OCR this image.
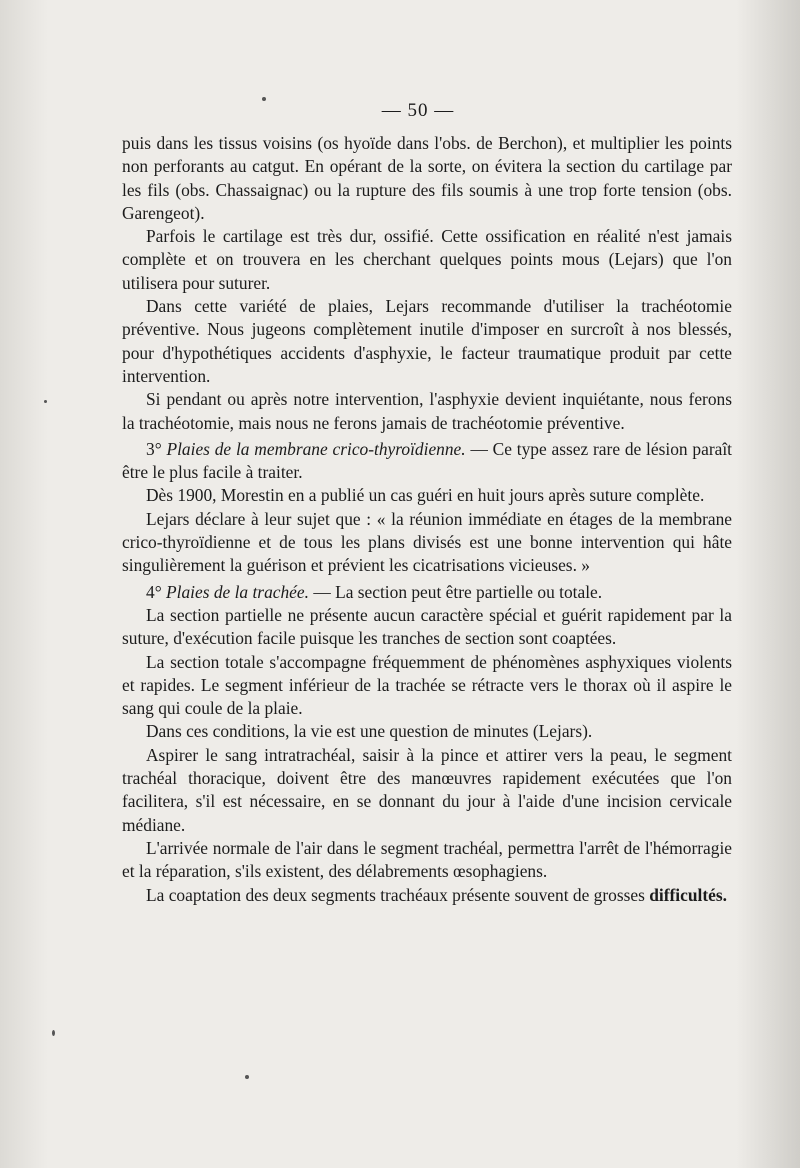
— 50 —

puis dans les tissus voisins (os hyoïde dans l'obs. de Berchon), et multiplier les points non perforants au catgut. En opérant de la sorte, on évitera la section du cartilage par les fils (obs. Chassaignac) ou la rupture des fils soumis à une trop forte tension (obs. Garengeot).

Parfois le cartilage est très dur, ossifié. Cette ossification en réalité n'est jamais complète et on trouvera en les cherchant quelques points mous (Lejars) que l'on utilisera pour suturer.

Dans cette variété de plaies, Lejars recommande d'utiliser la trachéotomie préventive. Nous jugeons complètement inutile d'imposer en surcroît à nos blessés, pour d'hypothétiques accidents d'asphyxie, le facteur traumatique produit par cette intervention.

Si pendant ou après notre intervention, l'asphyxie devient inquiétante, nous ferons la trachéotomie, mais nous ne ferons jamais de trachéotomie préventive.

3° Plaies de la membrane crico-thyroïdienne. — Ce type assez rare de lésion paraît être le plus facile à traiter.

Dès 1900, Morestin en a publié un cas guéri en huit jours après suture complète.

Lejars déclare à leur sujet que : « la réunion immédiate en étages de la membrane crico-thyroïdienne et de tous les plans divisés est une bonne intervention qui hâte singulièrement la guérison et prévient les cicatrisations vicieuses. »

4° Plaies de la trachée. — La section peut être partielle ou totale.

La section partielle ne présente aucun caractère spécial et guérit rapidement par la suture, d'exécution facile puisque les tranches de section sont coaptées.

La section totale s'accompagne fréquemment de phénomènes asphyxiques violents et rapides. Le segment inférieur de la trachée se rétracte vers le thorax où il aspire le sang qui coule de la plaie.

Dans ces conditions, la vie est une question de minutes (Lejars).

Aspirer le sang intratrachéal, saisir à la pince et attirer vers la peau, le segment trachéal thoracique, doivent être des manœuvres rapidement exécutées que l'on facilitera, s'il est nécessaire, en se donnant du jour à l'aide d'une incision cervicale médiane.

L'arrivée normale de l'air dans le segment trachéal, permettra l'arrêt de l'hémorragie et la réparation, s'ils existent, des délabrements œsophagiens.

La coaptation des deux segments trachéaux présente souvent de grosses difficultés.
